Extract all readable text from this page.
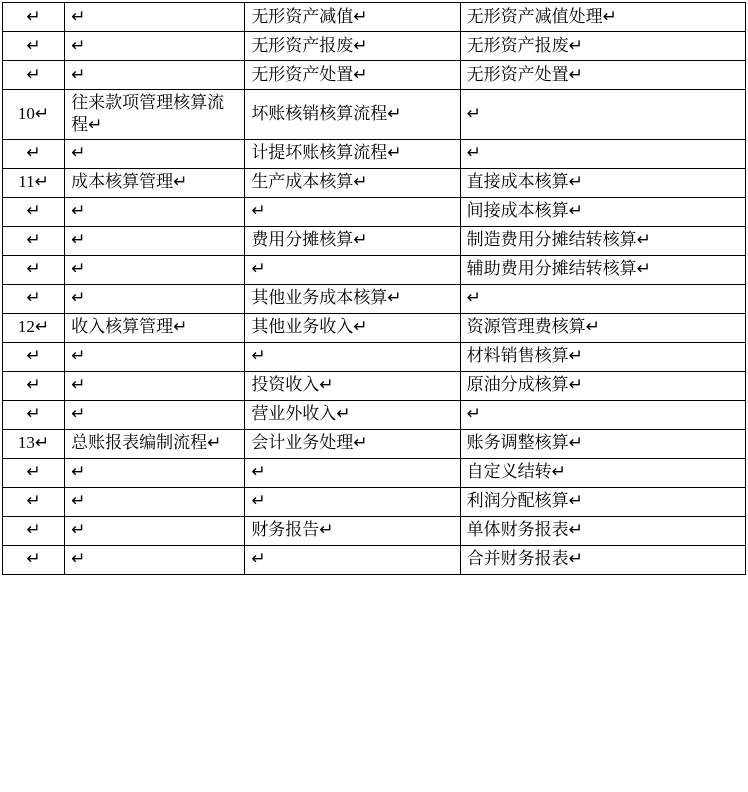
↵	↵	无形资产减值↵	无形资产减值处理↵

↵	↵	无形资产报废↵	无形资产报废↵

↵	↵	无形资产处置↵	无形资产处置↵

10↵	往来款项管理核算流程↵	坏账核销核算流程↵	↵

↵	↵	计提坏账核算流程↵	↵

11↵	成本核算管理↵	生产成本核算↵	直接成本核算↵

↵	↵	↵	间接成本核算↵

↵	↵	费用分摊核算↵	制造费用分摊结转核算↵

↵	↵	↵	辅助费用分摊结转核算↵

↵	↵	其他业务成本核算↵	↵

12↵	收入核算管理↵	其他业务收入↵	资源管理费核算↵

↵	↵	↵	材料销售核算↵

↵	↵	投资收入↵	原油分成核算↵

↵	↵	营业外收入↵	↵

13↵	总账报表编制流程↵	会计业务处理↵	账务调整核算↵

↵	↵	↵	自定义结转↵

↵	↵	↵	利润分配核算↵

↵	↵	财务报告↵	单体财务报表↵

↵	↵	↵	合并财务报表↵
